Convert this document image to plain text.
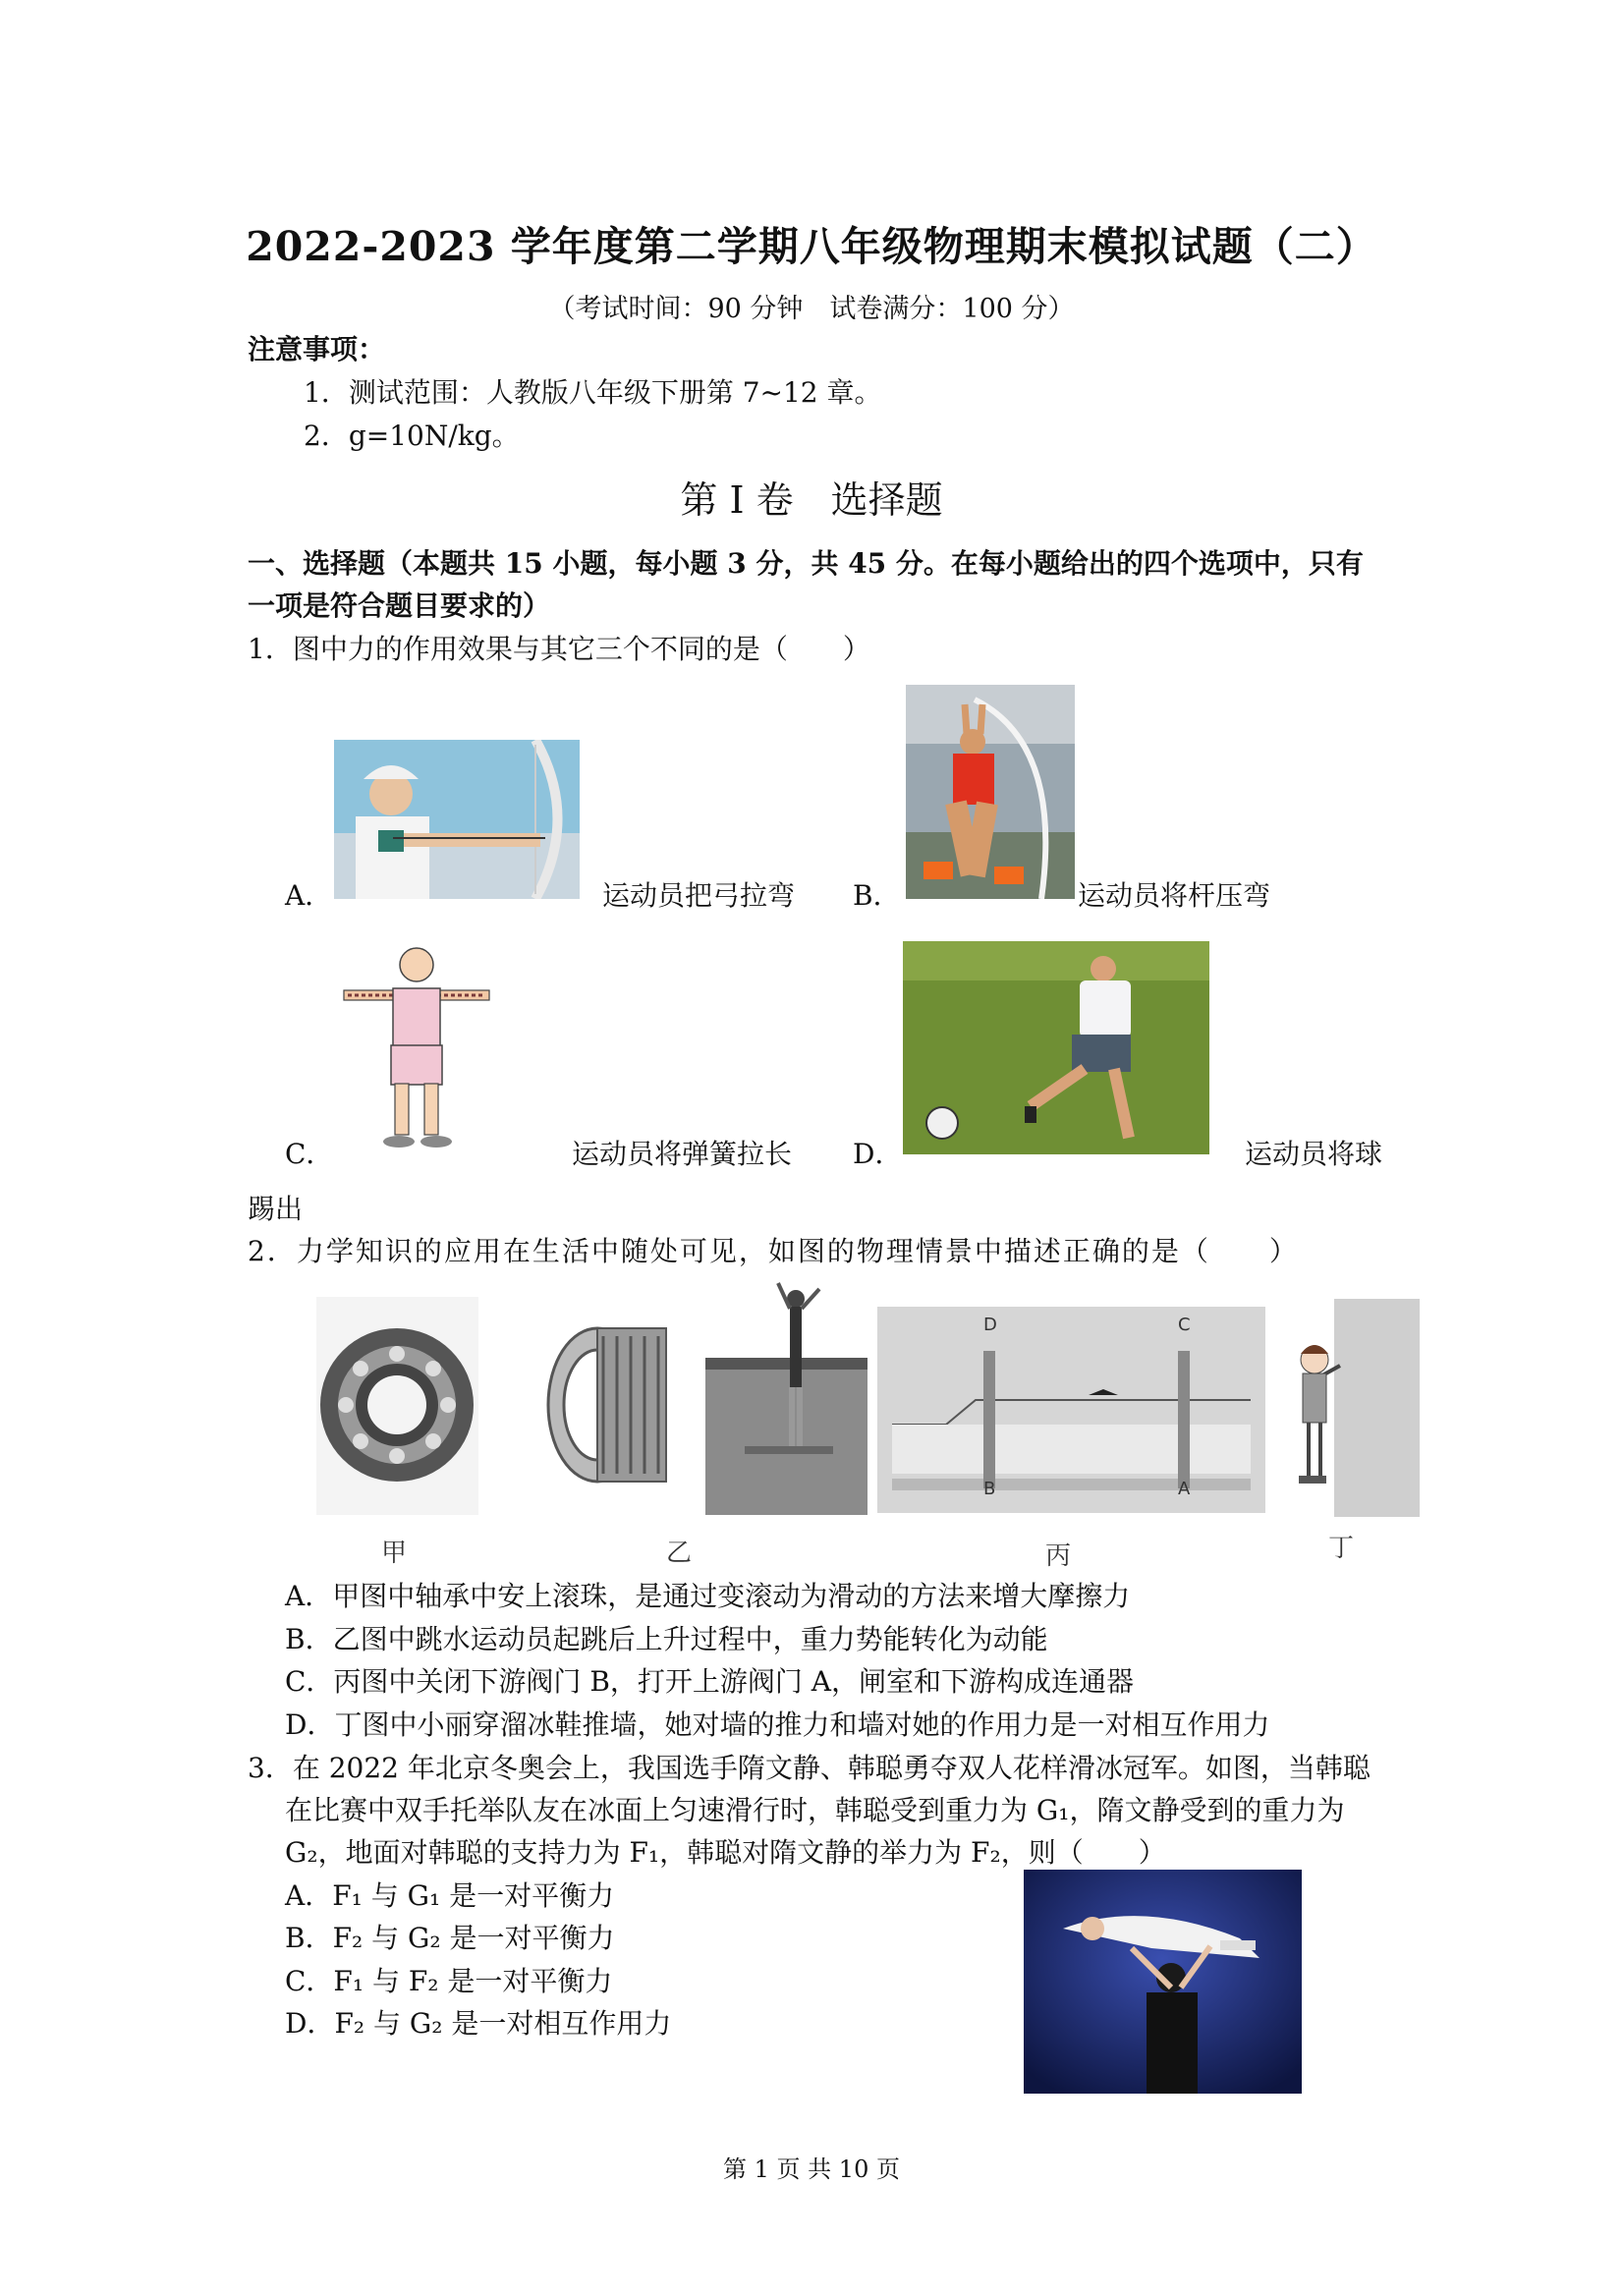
2022-2023 学年度第二学期八年级物理期末模拟试题（二）
（考试时间：90 分钟　试卷满分：100 分）
注意事项：
1．测试范围：人教版八年级下册第 7~12 章。
2．g=10N/kg。
第 I 卷　选择题
一、选择题（本题共 15 小题，每小题 3 分，共 45 分。在每小题给出的四个选项中，只有
一项是符合题目要求的）
1．图中力的作用效果与其它三个不同的是（　　）
A．	运动员把弓拉弯 B．	运动员将杆压弯
C．	运动员将弹簧拉长 D．	运动员将球
踢出
2．力学知识的应用在生活中随处可见，如图的物理情景中描述正确的是（　　）
D	C
B	A
甲	乙	丙	丁
A．甲图中轴承中安上滚珠，是通过变滚动为滑动的方法来增大摩擦力
B．乙图中跳水运动员起跳后上升过程中，重力势能转化为动能
C．丙图中关闭下游阀门 B，打开上游阀门 A，闸室和下游构成连通器
D．丁图中小丽穿溜冰鞋推墙，她对墙的推力和墙对她的作用力是一对相互作用力
3．在 2022 年北京冬奥会上，我国选手隋文静、韩聪勇夺双人花样滑冰冠军。如图，当韩聪
在比赛中双手托举队友在冰面上匀速滑行时，韩聪受到重力为 G₁，隋文静受到的重力为
G₂，地面对韩聪的支持力为 F₁，韩聪对隋文静的举力为 F₂，则（　　）
A．F₁ 与 G₁ 是一对平衡力
B．F₂ 与 G₂ 是一对平衡力
C．F₁ 与 F₂ 是一对平衡力
D．F₂ 与 G₂ 是一对相互作用力
第 1 页 共 10 页
